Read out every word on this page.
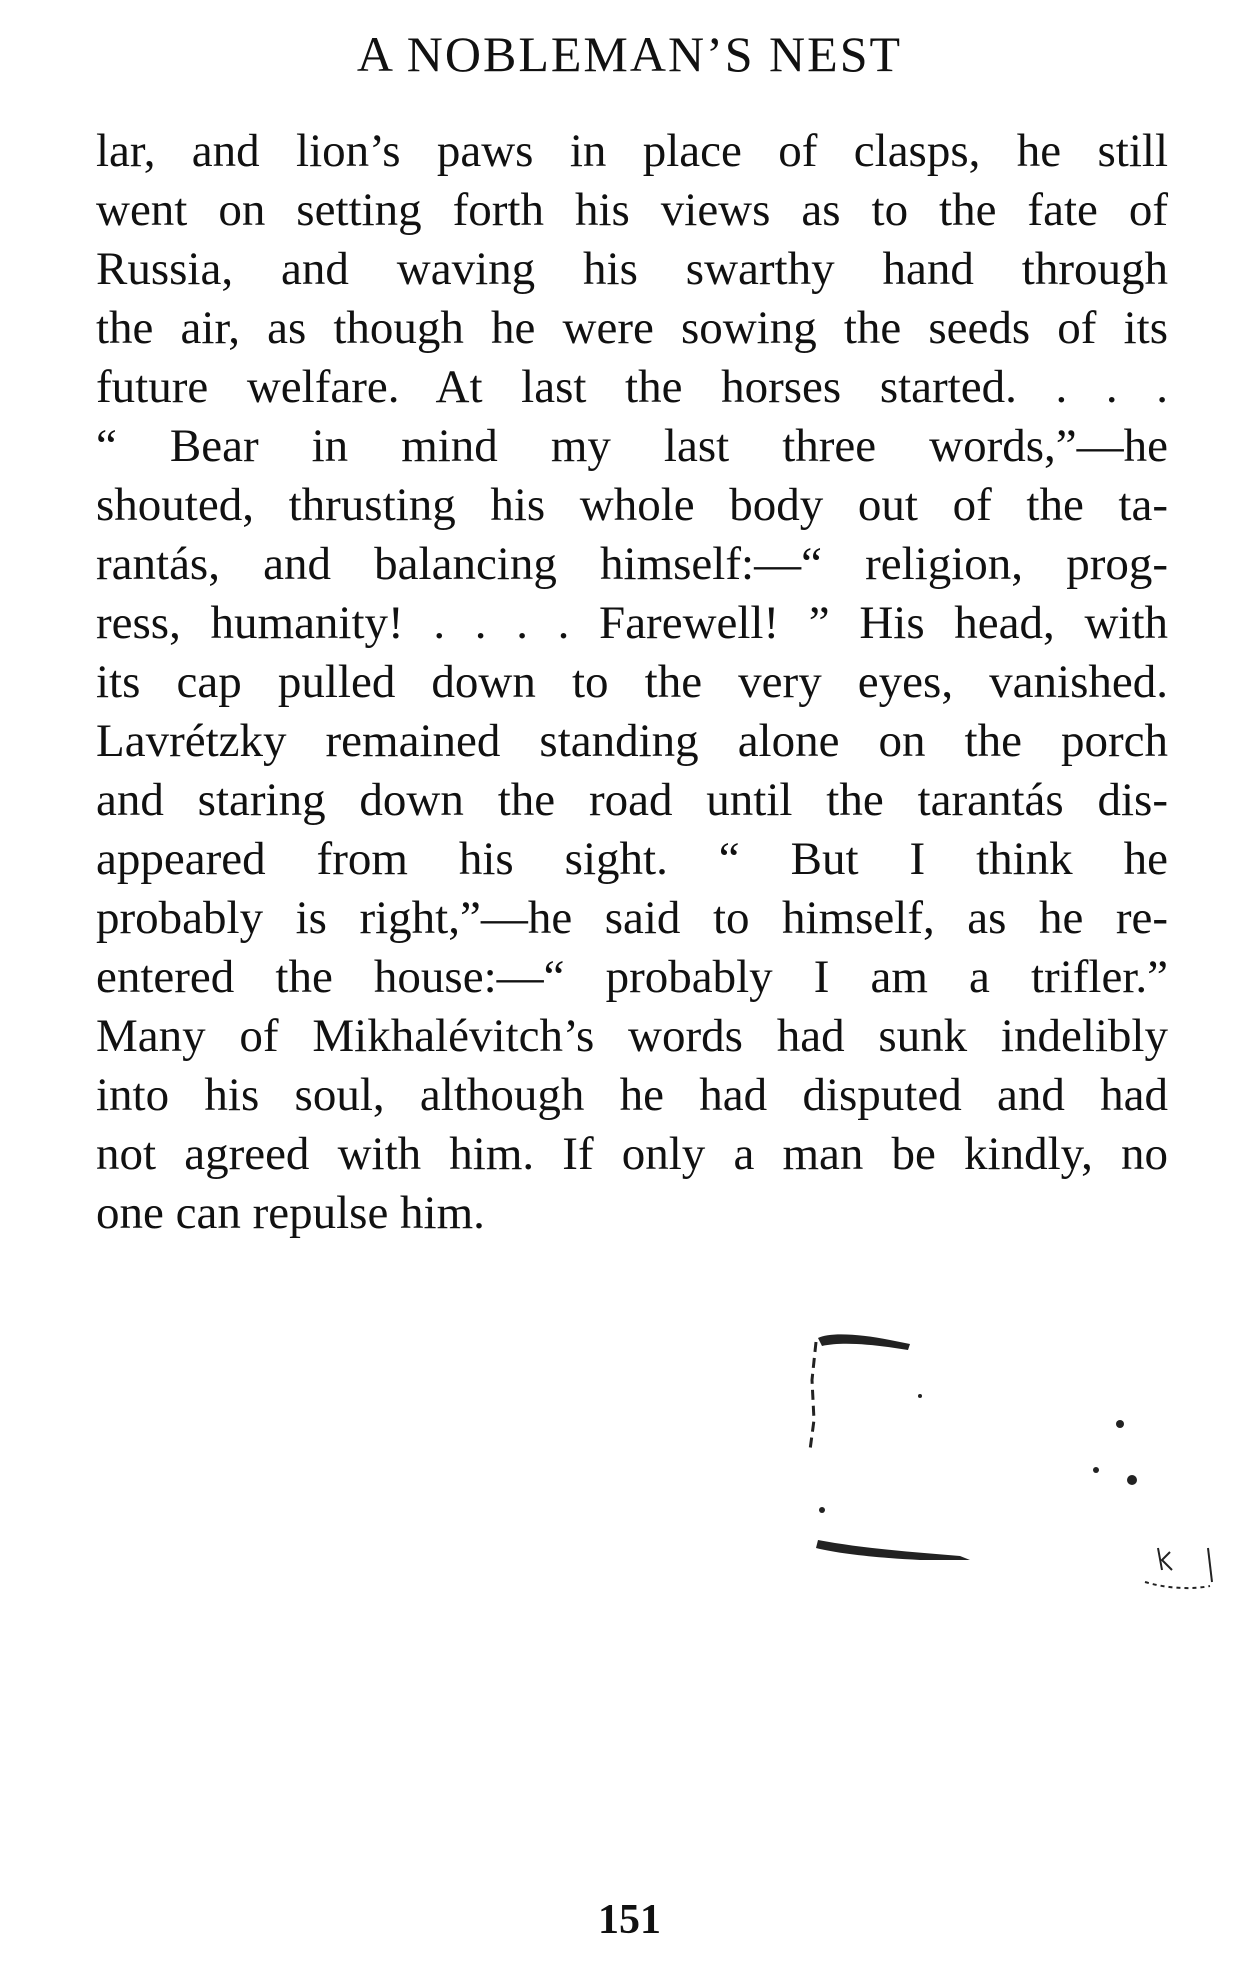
A NOBLEMAN’S NEST
lar, and lion’s paws in place of clasps, he still
went on setting forth his views as to the fate of
Russia, and waving his swarthy hand through
the air, as though he were sowing the seeds of its
future welfare. At last the horses started. . . .
“ Bear in mind my last three words,”—he
shouted, thrusting his whole body out of the ta-
rantás, and balancing himself:—“ religion, prog-
ress, humanity! . . . . Farewell! ” His head, with
its cap pulled down to the very eyes, vanished.
Lavrétzky remained standing alone on the porch
and staring down the road until the tarantás dis-
appeared from his sight. “ But I think he
probably is right,”—he said to himself, as he re-
entered the house:—“ probably I am a trifler.”
Many of Mikhalévitch’s words had sunk indelibly
into his soul, although he had disputed and had
not agreed with him. If only a man be kindly, no
one can repulse him.
151
